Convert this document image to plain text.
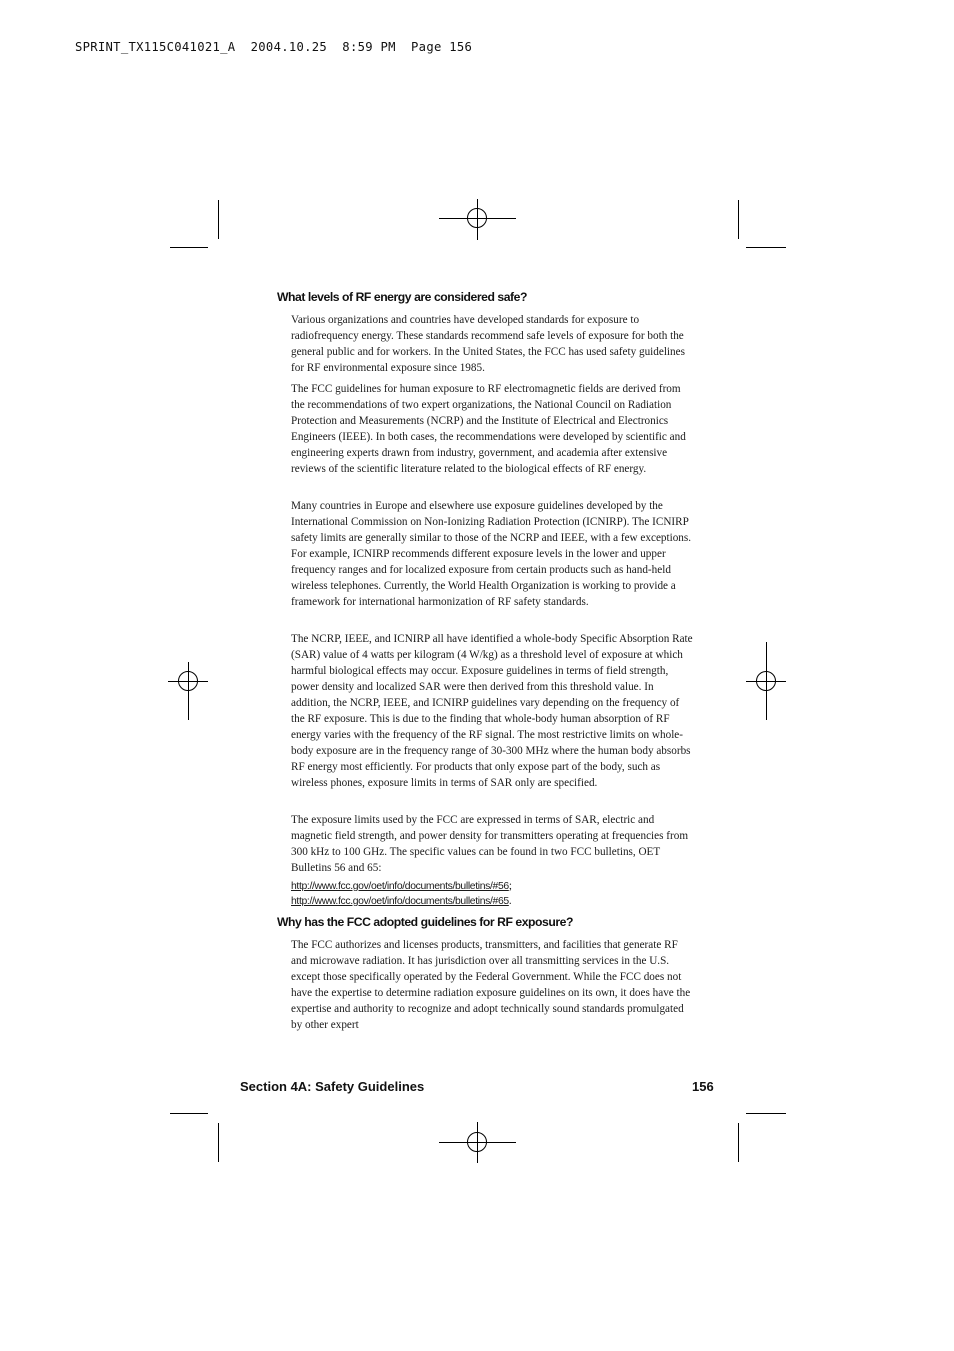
SPRINT_TX115C041021_A  2004.10.25  8:59 PM  Page 156
What levels of RF energy are considered safe?

Various organizations and countries have developed standards for exposure to radiofrequency energy. These standards recommend safe levels of exposure for both the general public and for workers. In the United States, the FCC has used safety guidelines for RF environmental exposure since 1985.

The FCC guidelines for human exposure to RF electromagnetic fields are derived from the recommendations of two expert organizations, the National Council on Radiation Protection and Measurements (NCRP) and the Institute of Electrical and Electronics Engineers (IEEE). In both cases, the recommendations were developed by scientific and engineering experts drawn from industry, government, and academia after extensive reviews of the scientific literature related to the biological effects of RF energy.

Many countries in Europe and elsewhere use exposure guidelines developed by the International Commission on Non-Ionizing Radiation Protection (ICNIRP). The ICNIRP safety limits are generally similar to those of the NCRP and IEEE, with a few exceptions. For example, ICNIRP recommends different exposure levels in the lower and upper frequency ranges and for localized exposure from certain products such as hand-held wireless telephones. Currently, the World Health Organization is working to provide a framework for international harmonization of RF safety standards.

The NCRP, IEEE, and ICNIRP all have identified a whole-body Specific Absorption Rate (SAR) value of 4 watts per kilogram (4 W/kg) as a threshold level of exposure at which harmful biological effects may occur. Exposure guidelines in terms of field strength, power density and localized SAR were then derived from this threshold value. In addition, the NCRP, IEEE, and ICNIRP guidelines vary depending on the frequency of the RF exposure. This is due to the finding that whole-body human absorption of RF energy varies with the frequency of the RF signal. The most restrictive limits on whole-body exposure are in the frequency range of 30-300 MHz where the human body absorbs RF energy most efficiently. For products that only expose part of the body, such as wireless phones, exposure limits in terms of SAR only are specified.

The exposure limits used by the FCC are expressed in terms of SAR, electric and magnetic field strength, and power density for transmitters operating at frequencies from 300 kHz to 100 GHz. The specific values can be found in two FCC bulletins, OET Bulletins 56 and 65:

http://www.fcc.gov/oet/info/documents/bulletins/#56;
http://www.fcc.gov/oet/info/documents/bulletins/#65.
Why has the FCC adopted guidelines for RF exposure?

The FCC authorizes and licenses products, transmitters, and facilities that generate RF and microwave radiation. It has jurisdiction over all transmitting services in the U.S. except those specifically operated by the Federal Government. While the FCC does not have the expertise to determine radiation exposure guidelines on its own, it does have the expertise and authority to recognize and adopt technically sound standards promulgated by other expert

Section 4A: Safety Guidelines	156
